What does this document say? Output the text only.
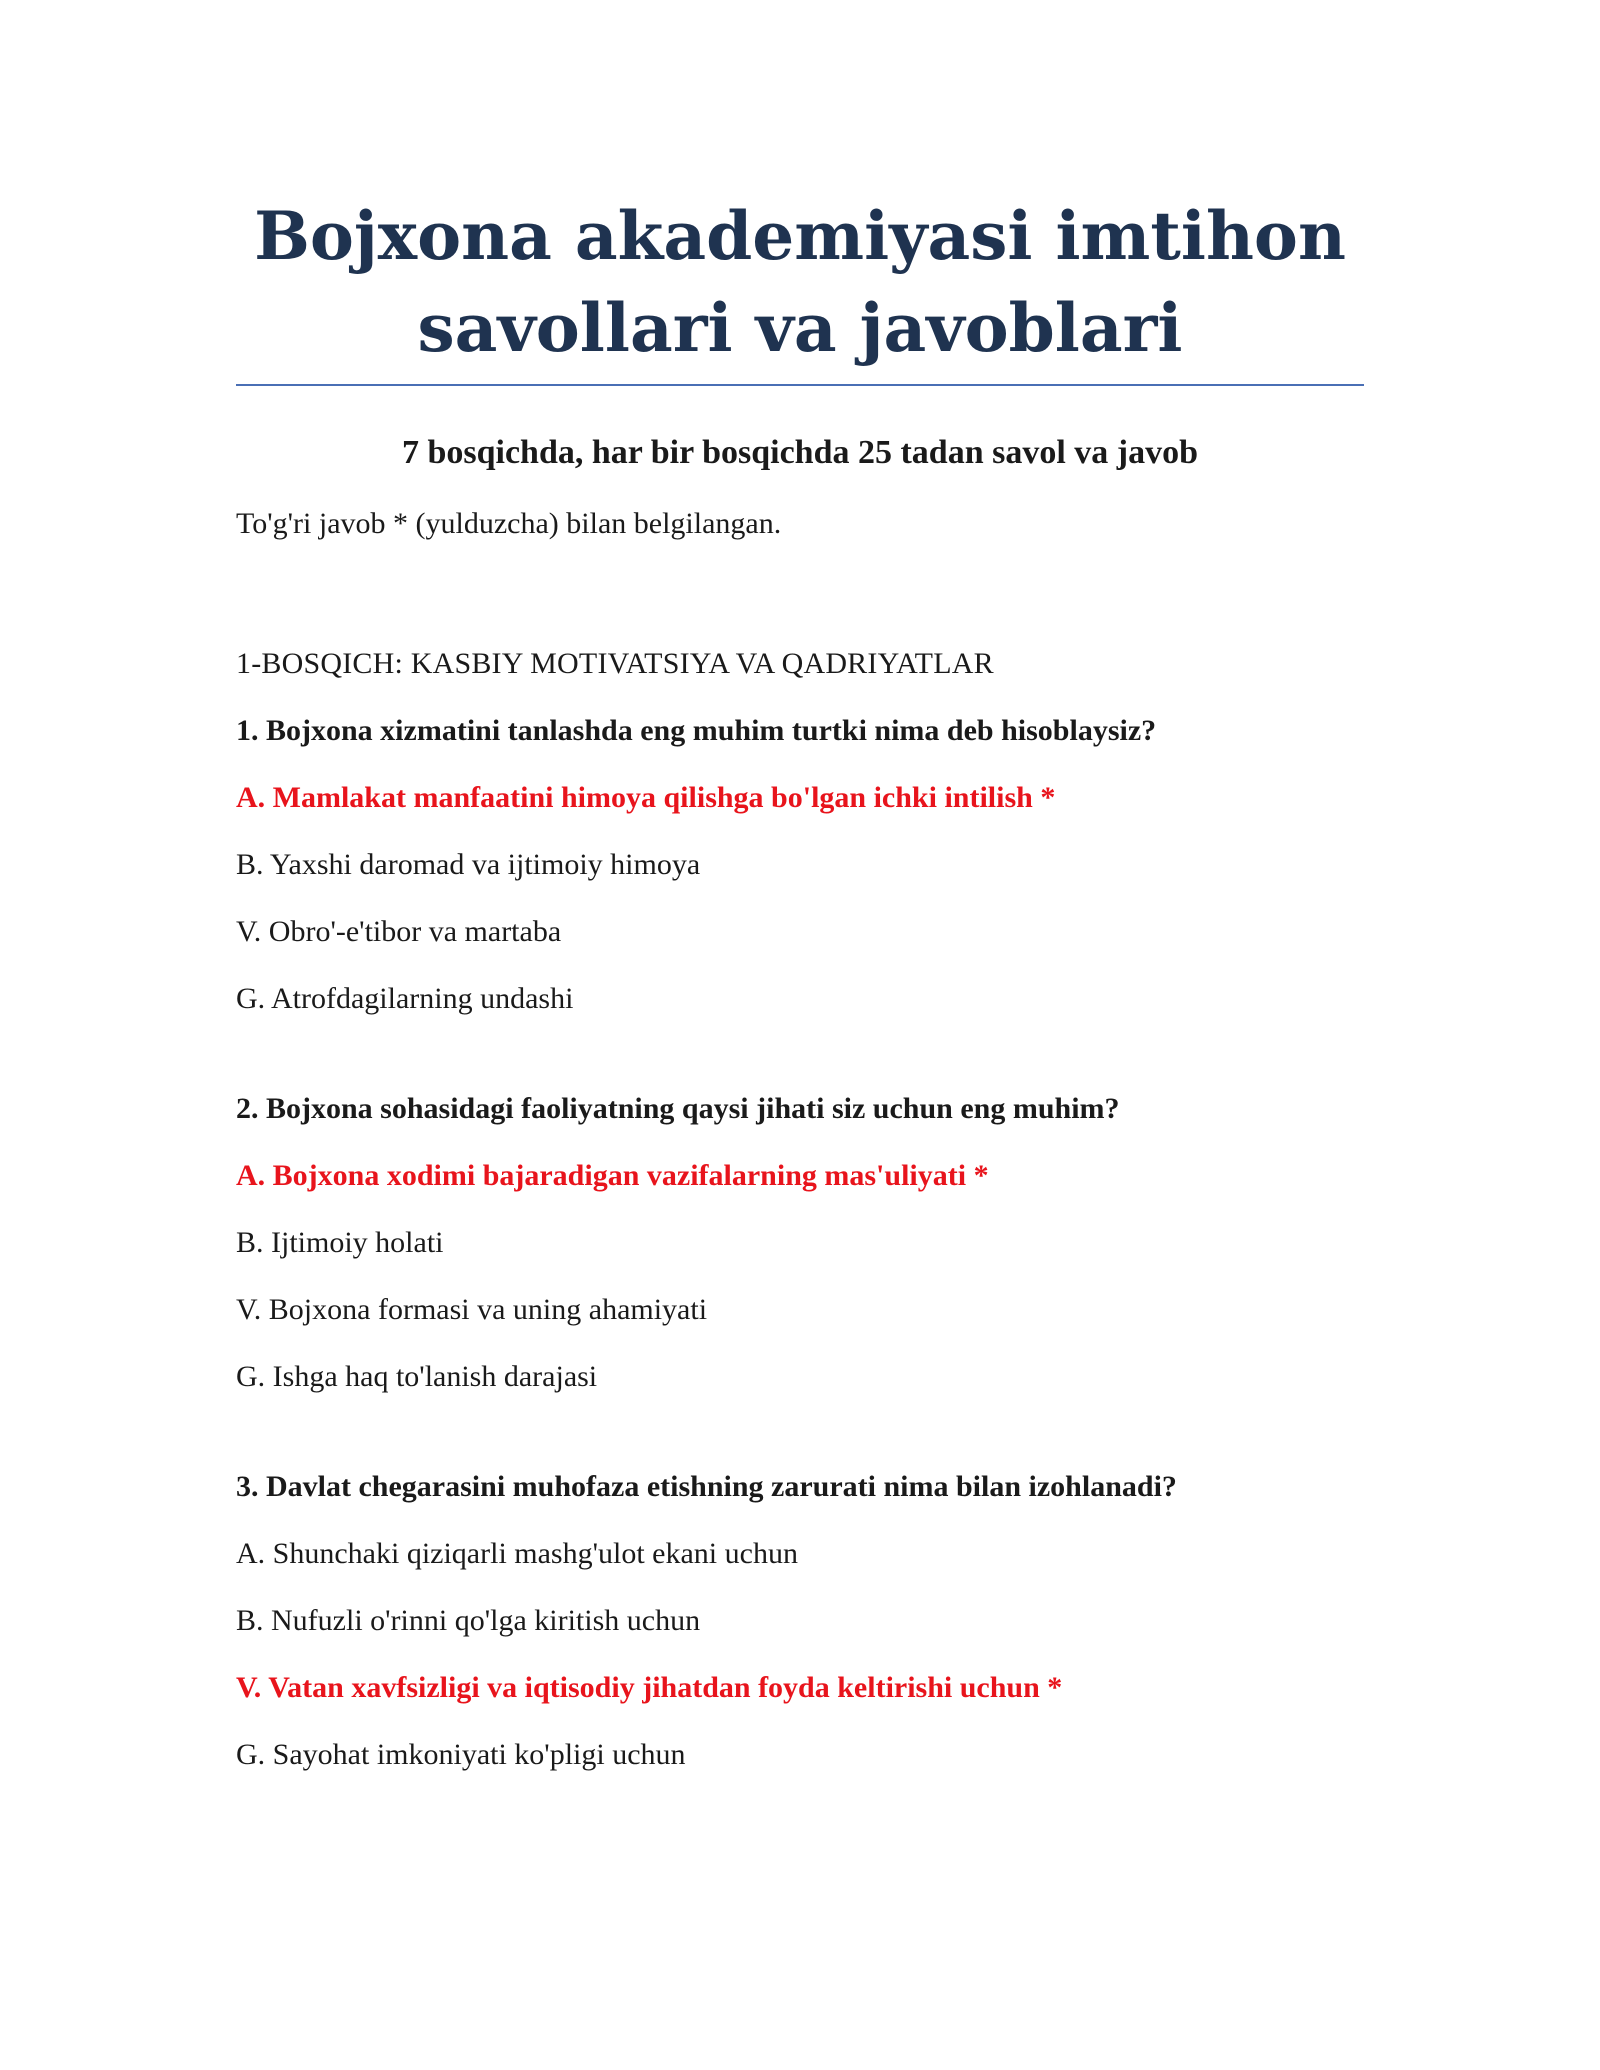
Bojxona akademiyasi imtihon savollari va javoblari

7 bosqichda, har bir bosqichda 25 tadan savol va javob

To'g'ri javob * (yulduzcha) bilan belgilangan.

1-BOSQICH: KASBIY MOTIVATSIYA VA QADRIYATLAR

1. Bojxona xizmatini tanlashda eng muhim turtki nima deb hisoblaysiz?

A. Mamlakat manfaatini himoya qilishga bo'lgan ichki intilish *

B. Yaxshi daromad va ijtimoiy himoya

V. Obro'-e'tibor va martaba

G. Atrofdagilarning undashi

2. Bojxona sohasidagi faoliyatning qaysi jihati siz uchun eng muhim?

A. Bojxona xodimi bajaradigan vazifalarning mas'uliyati *

B. Ijtimoiy holati

V. Bojxona formasi va uning ahamiyati

G. Ishga haq to'lanish darajasi

3. Davlat chegarasini muhofaza etishning zarurati nima bilan izohlanadi?

A. Shunchaki qiziqarli mashg'ulot ekani uchun

B. Nufuzli o'rinni qo'lga kiritish uchun

V. Vatan xavfsizligi va iqtisodiy jihatdan foyda keltirishi uchun *

G. Sayohat imkoniyati ko'pligi uchun
